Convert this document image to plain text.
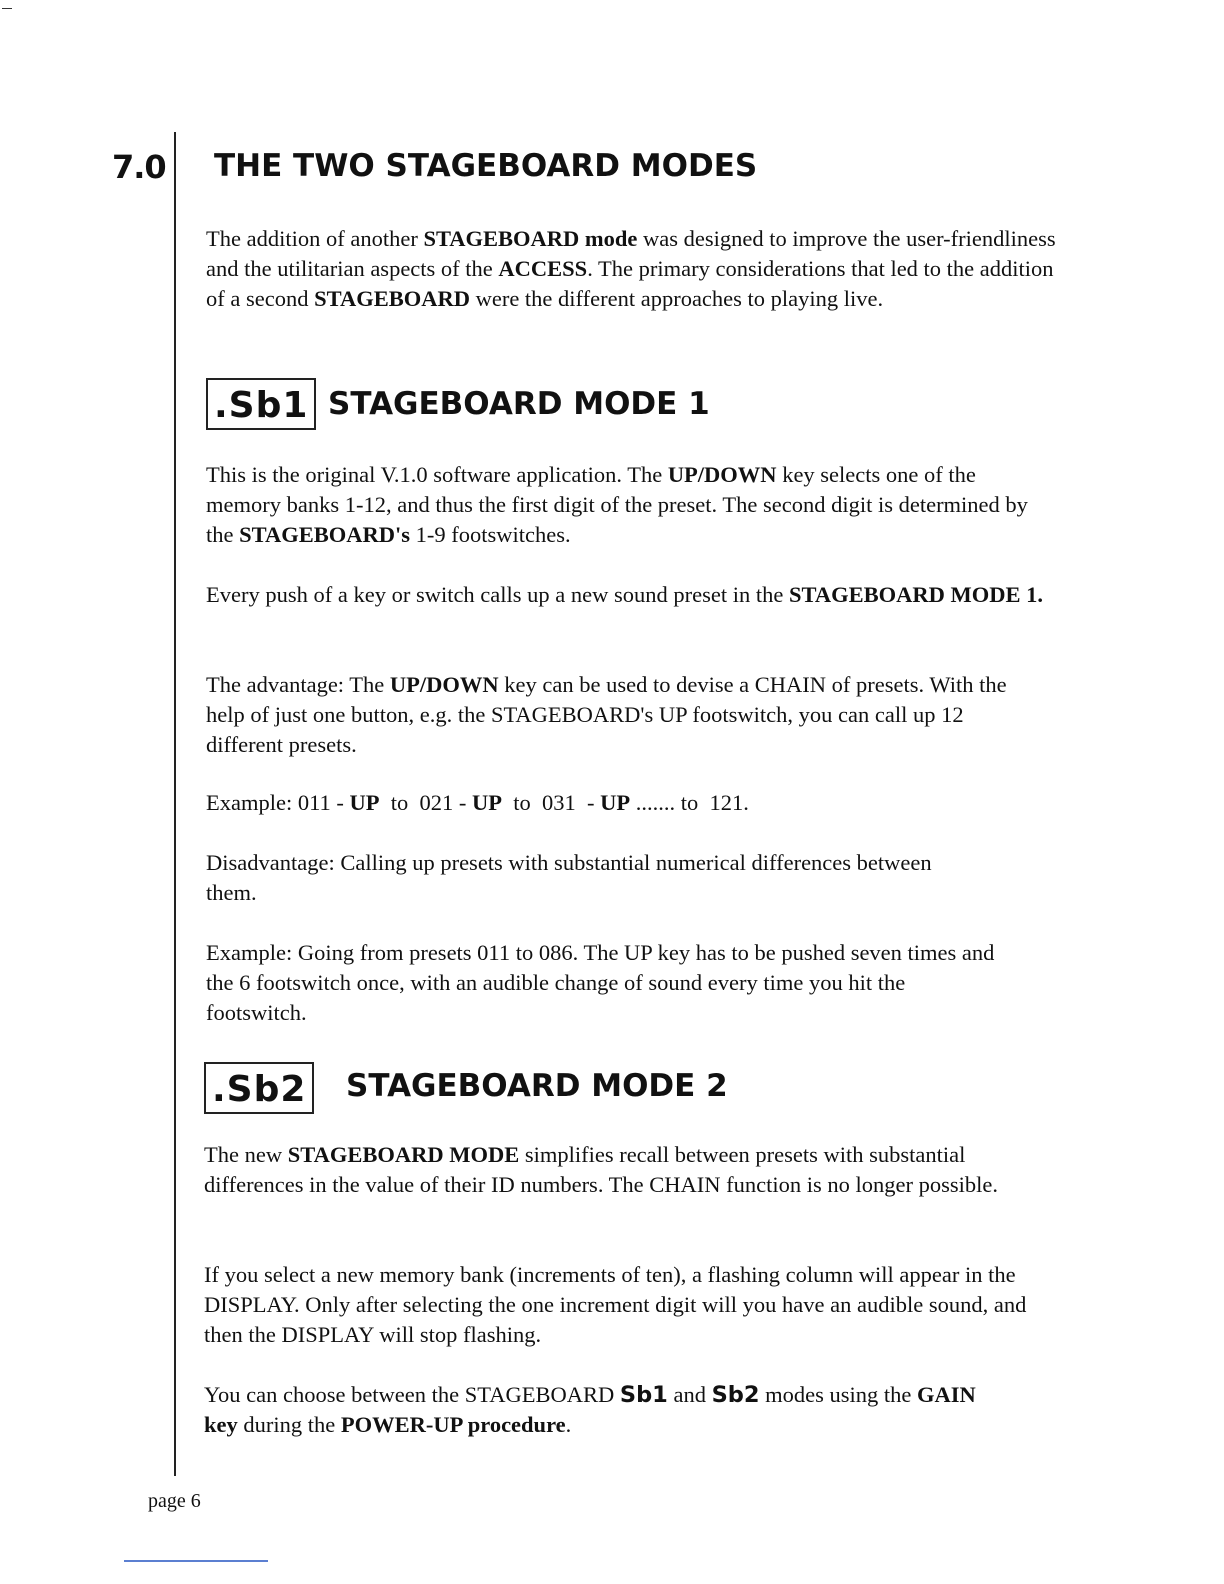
7.0 THE TWO STAGEBOARD MODES

The addition of another STAGEBOARD mode was designed to improve the user-friendliness and the utilitarian aspects of the ACCESS. The primary considerations that led to the addition of a second STAGEBOARD were the different approaches to playing live.

.Sb1 STAGEBOARD MODE 1

This is the original V.1.0 software application. The UP/DOWN key selects one of the memory banks 1-12, and thus the first digit of the preset. The second digit is determined by the STAGEBOARD's 1-9 footswitches.

Every push of a key or switch calls up a new sound preset in the STAGEBOARD MODE 1.

The advantage: The UP/DOWN key can be used to devise a CHAIN of presets. With the help of just one button, e.g. the STAGEBOARD's UP footswitch, you can call up 12 different presets.

Example: 011 - UP  to  021 - UP  to  031  - UP ....... to  121.

Disadvantage: Calling up presets with substantial numerical differences between them.

Example: Going from presets 011 to 086. The UP key has to be pushed seven times and the 6 footswitch once, with an audible change of sound every time you hit the footswitch.

.Sb2 STAGEBOARD MODE 2

The new STAGEBOARD MODE simplifies recall between presets with substantial differences in the value of their ID numbers. The CHAIN function is no longer possible.

If you select a new memory bank (increments of ten), a flashing column will appear in the DISPLAY. Only after selecting the one increment digit will you have an audible sound, and then the DISPLAY will stop flashing.

You can choose between the STAGEBOARD Sb1 and Sb2 modes using the GAIN key during the POWER-UP procedure.

page 6
